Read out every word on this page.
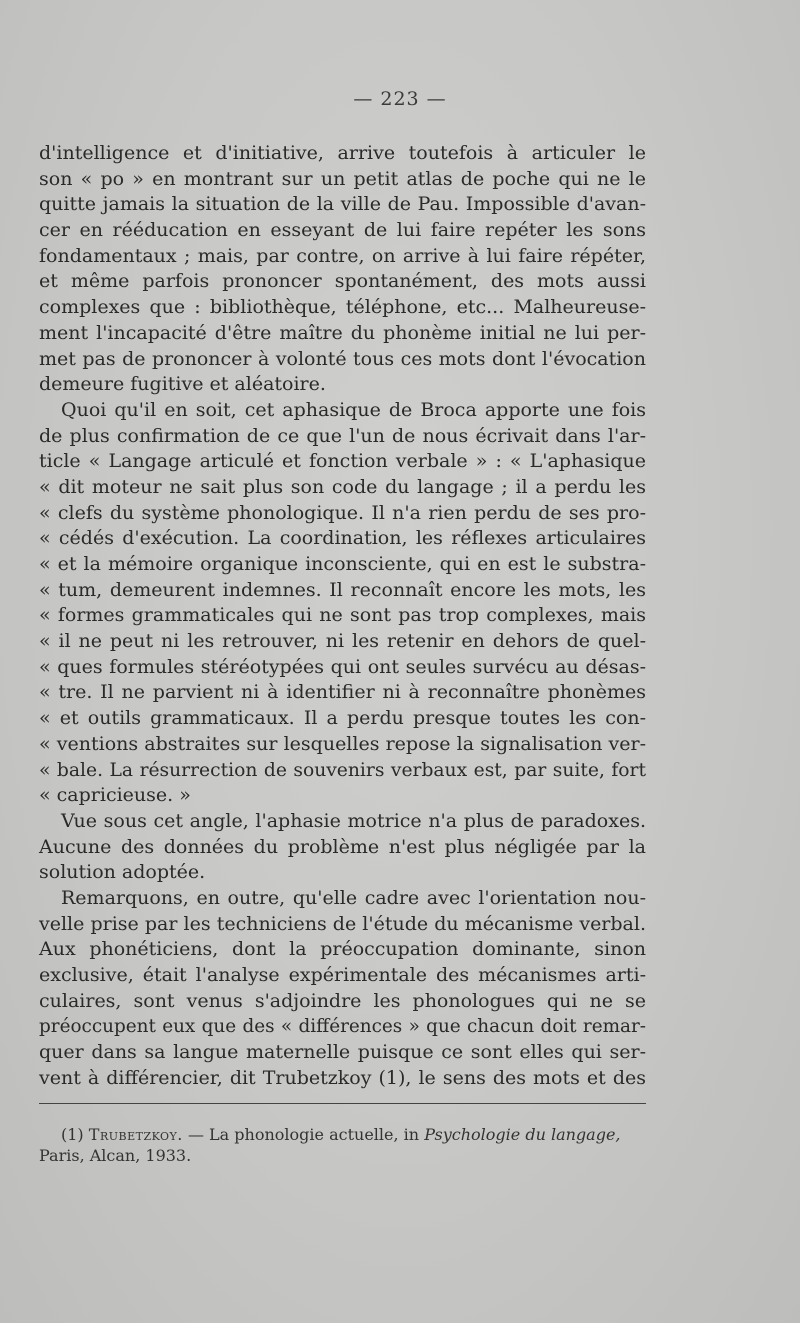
— 223 —
d'intelligence et d'initiative, arrive toutefois à articuler le
son « po » en montrant sur un petit atlas de poche qui ne le
quitte jamais la situation de la ville de Pau. Impossible d'avan-
cer en rééducation en esseyant de lui faire repéter les sons
fondamentaux ; mais, par contre, on arrive à lui faire répéter,
et même parfois prononcer spontanément, des mots aussi
complexes que : bibliothèque, téléphone, etc... Malheureuse-
ment l'incapacité d'être maître du phonème initial ne lui per-
met pas de prononcer à volonté tous ces mots dont l'évocation
demeure fugitive et aléatoire.
Quoi qu'il en soit, cet aphasique de Broca apporte une fois
de plus confirmation de ce que l'un de nous écrivait dans l'ar-
ticle « Langage articulé et fonction verbale » : « L'aphasique
« dit moteur ne sait plus son code du langage ; il a perdu les
« clefs du système phonologique. Il n'a rien perdu de ses pro-
« cédés d'exécution. La coordination, les réflexes articulaires
« et la mémoire organique inconsciente, qui en est le substra-
« tum, demeurent indemnes. Il reconnaît encore les mots, les
« formes grammaticales qui ne sont pas trop complexes, mais
« il ne peut ni les retrouver, ni les retenir en dehors de quel-
« ques formules stéréotypées qui ont seules survécu au désas-
« tre. Il ne parvient ni à identifier ni à reconnaître phonèmes
« et outils grammaticaux. Il a perdu presque toutes les con-
« ventions abstraites sur lesquelles repose la signalisation ver-
« bale. La résurrection de souvenirs verbaux est, par suite, fort
« capricieuse. »
Vue sous cet angle, l'aphasie motrice n'a plus de paradoxes.
Aucune des données du problème n'est plus négligée par la
solution adoptée.
Remarquons, en outre, qu'elle cadre avec l'orientation nou-
velle prise par les techniciens de l'étude du mécanisme verbal.
Aux phonéticiens, dont la préoccupation dominante, sinon
exclusive, était l'analyse expérimentale des mécanismes arti-
culaires, sont venus s'adjoindre les phonologues qui ne se
préoccupent eux que des « différences » que chacun doit remar-
quer dans sa langue maternelle puisque ce sont elles qui ser-
vent à différencier, dit Trubetzkoy (1), le sens des mots et des
(1) Trubetzkoy. — La phonologie actuelle, in Psychologie du langage,
Paris, Alcan, 1933.
